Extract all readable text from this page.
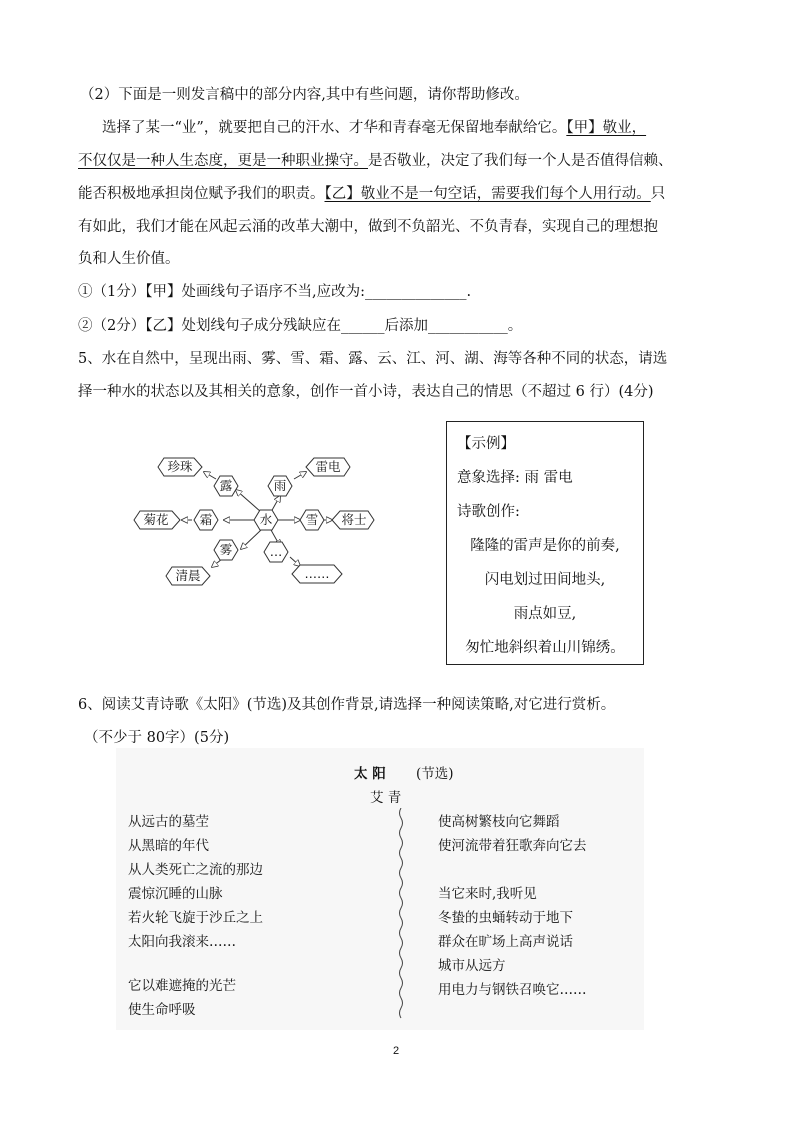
（2）下面是一则发言稿中的部分内容,其中有些问题，请你帮助修改。
选择了某一“业”，就要把自己的汗水、才华和青春毫无保留地奉献给它。【甲】敬业，
不仅仅是一种人生态度，更是一种职业操守。是否敬业，决定了我们每一个人是否值得信赖、
能否积极地承担岗位赋予我们的职责。【乙】敬业不是一句空话，需要我们每个人用行动。只
有如此，我们才能在风起云涌的改革大潮中，做到不负韶光、不负青春，实现自己的理想抱
负和人生价值。
①（1分）【甲】处画线句子语序不当,应改为:______________.
②（2分）【乙】处划线句子成分残缺应在______后添加___________。
5、水在自然中，呈现出雨、雾、雪、霜、露、云、江、河、湖、海等各种不同的状态，请选
择一种水的状态以及其相关的意象，创作一首小诗，表达自己的情思（不超过 6 行）(4分)
水
露	雨
霜	雪
雾	…
珍珠	雷电
菊花	将士
清晨	……
【示例】
意象选择: 雨 雷电
诗歌创作:
隆隆的雷声是你的前奏,
闪电划过田间地头,
雨点如豆,
匆忙地斜织着山川锦绣。
6、阅读艾青诗歌《太阳》(节选)及其创作背景,请选择一种阅读策略,对它进行赏析。
（不少于 80字）(5分)
太 阳 (节选)
艾 青
从远古的墓茔
从黑暗的年代
从人类死亡之流的那边
震惊沉睡的山脉
若火轮飞旋于沙丘之上
太阳向我滚来……
它以难遮掩的光芒
使生命呼吸
使高树繁枝向它舞蹈
使河流带着狂歌奔向它去
当它来时,我听见
冬蛰的虫蛹转动于地下
群众在旷场上高声说话
城市从远方
用电力与钢铁召唤它……
2
